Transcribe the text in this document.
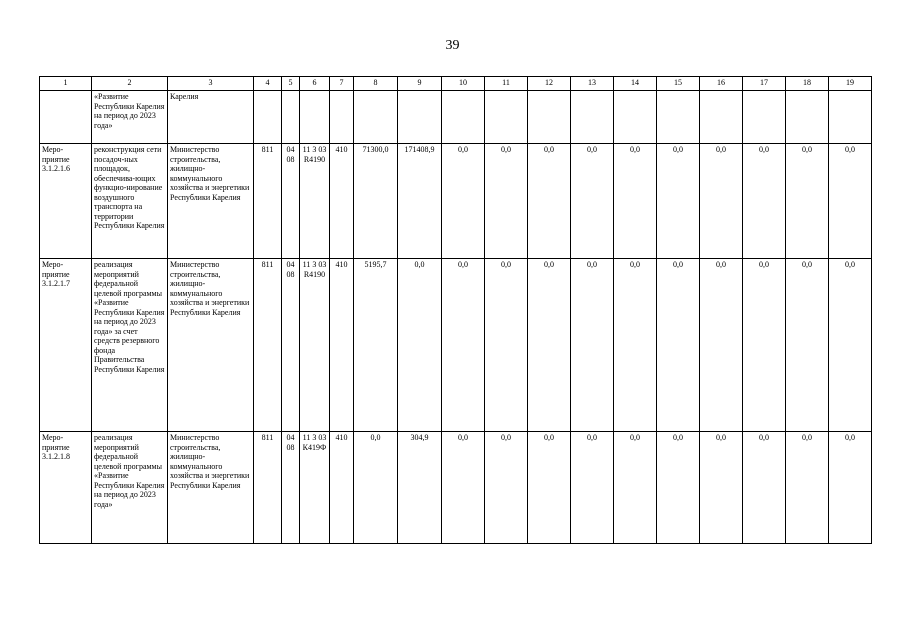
39
1	2	3	4	5	6	7	8	9	10	11	12	13	14	15	16	17	18	19
	«Развитие Республики Карелия на период до 2023 года»	Карелия																
Меро-приятие 3.1.2.1.6	реконструкция сети посадоч-ных площадок, обеспечива-ющих функцио-нирование воздушного транспорта на территории Республики Карелия	Министерство строительства, жилищно-коммунального хозяйства и энергетики Республики Карелия	811	04 08	11 3 03 R4190	410	71300,0	171408,9	0,0	0,0	0,0	0,0	0,0	0,0	0,0	0,0	0,0	0,0
Меро-приятие 3.1.2.1.7	реализация мероприятий федеральной целевой программы «Развитие Республики Карелия на период до 2023 года» за счет средств резервного фонда Правительства Республики Карелия	Министерство строительства, жилищно-коммунального хозяйства и энергетики Республики Карелия	811	04 08	11 3 03 R4190	410	5195,7	0,0	0,0	0,0	0,0	0,0	0,0	0,0	0,0	0,0	0,0	0,0
Меро-приятие 3.1.2.1.8	реализация мероприятий федеральной целевой программы «Развитие Республики Карелия на период до 2023 года»	Министерство строительства, жилищно-коммунального хозяйства и энергетики Республики Карелия	811	04 08	11 3 03 К419Ф	410	0,0	304,9	0,0	0,0	0,0	0,0	0,0	0,0	0,0	0,0	0,0	0,0
